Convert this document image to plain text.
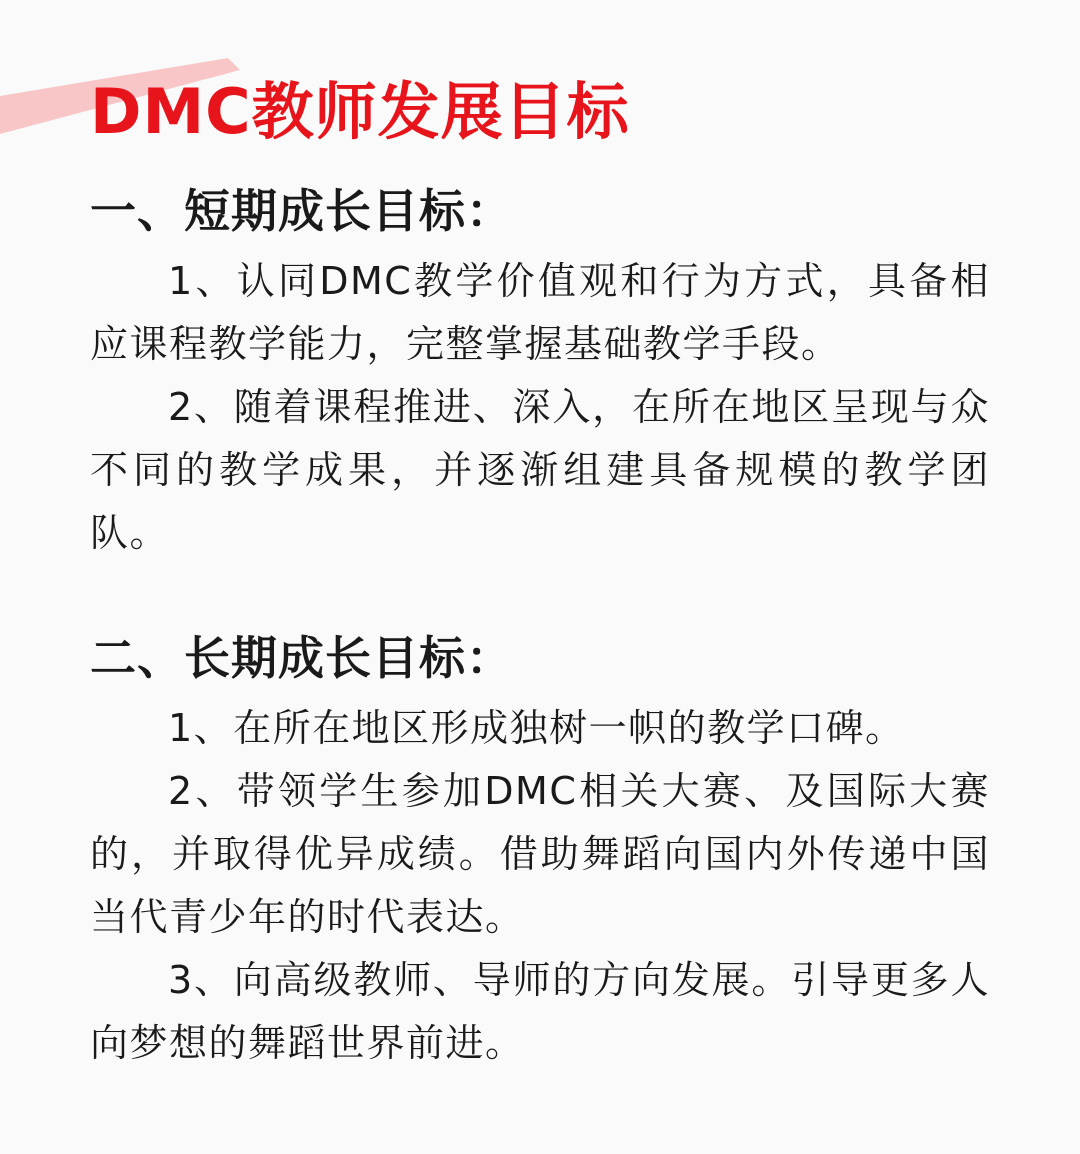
DMC教师发展目标
一、短期成长目标：

1、认同DMC教学价值观和行为方式，具备相应课程教学能力，完整掌握基础教学手段。

2、随着课程推进、深入，在所在地区呈现与众不同的教学成果，并逐渐组建具备规模的教学团队。

二、长期成长目标：

1、在所在地区形成独树一帜的教学口碑。

2、带领学生参加DMC相关大赛、及国际大赛的，并取得优异成绩。借助舞蹈向国内外传递中国当代青少年的时代表达。

3、向高级教师、导师的方向发展。引导更多人向梦想的舞蹈世界前进。
